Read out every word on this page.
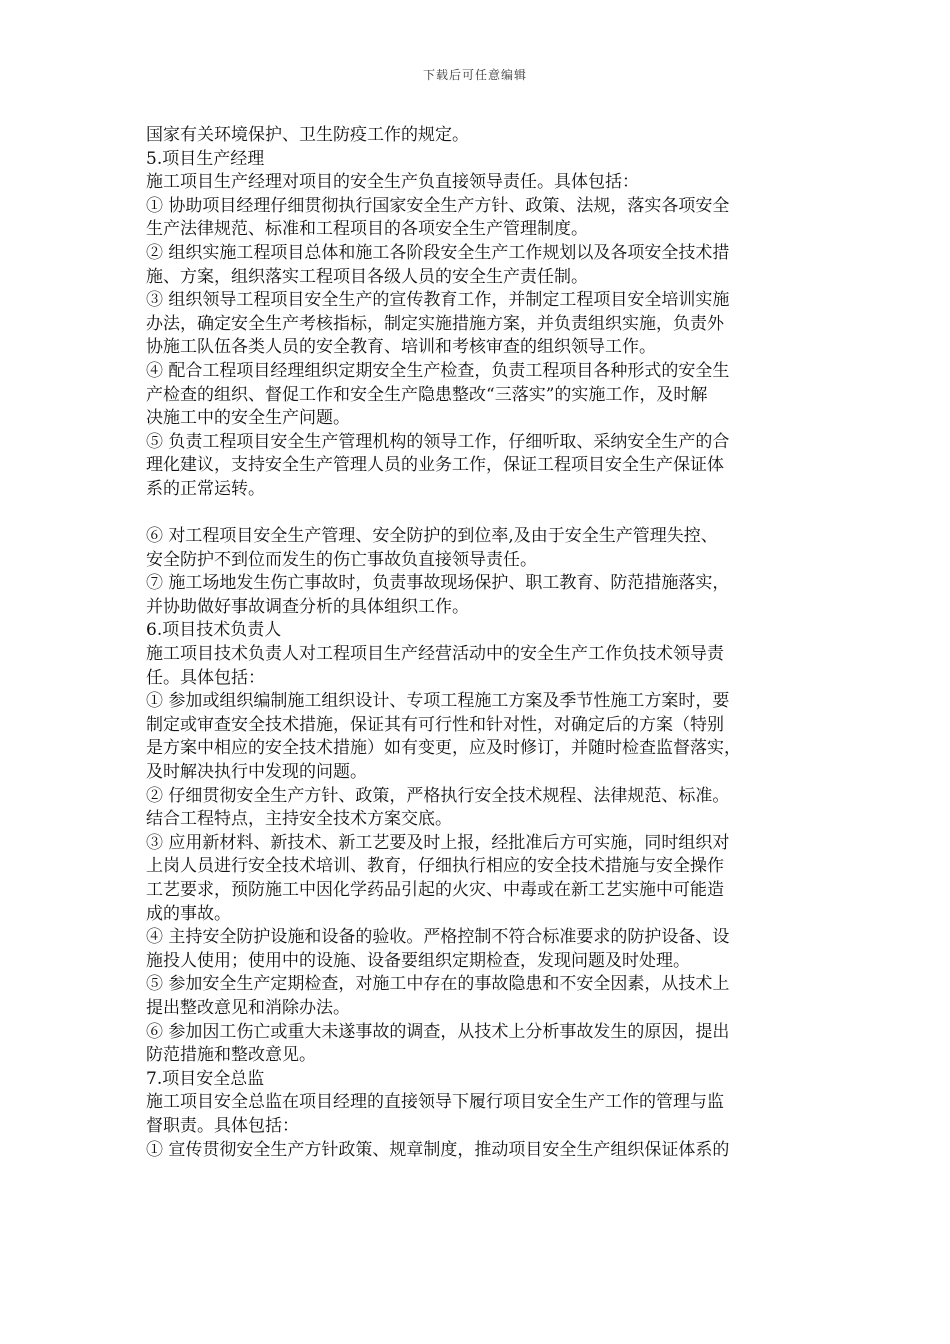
下载后可任意编辑
国家有关环境保护、卫生防疫工作的规定。
5.项目生产经理
施工项目生产经理对项目的安全生产负直接领导责任。具体包括：
① 协助项目经理仔细贯彻执行国家安全生产方针、政策、法规，落实各项安全
生产法律规范、标准和工程项目的各项安全生产管理制度。
② 组织实施工程项目总体和施工各阶段安全生产工作规划以及各项安全技术措
施、方案，组织落实工程项目各级人员的安全生产责任制。
③ 组织领导工程项目安全生产的宣传教育工作，并制定工程项目安全培训实施
办法，确定安全生产考核指标，制定实施措施方案，并负责组织实施，负责外
协施工队伍各类人员的安全教育、培训和考核审查的组织领导工作。
④ 配合工程项目经理组织定期安全生产检查，负责工程项目各种形式的安全生
产检查的组织、督促工作和安全生产隐患整改“三落实”的实施工作，及时解
决施工中的安全生产问题。
⑤ 负责工程项目安全生产管理机构的领导工作，仔细听取、采纳安全生产的合
理化建议，支持安全生产管理人员的业务工作，保证工程项目安全生产保证体
系的正常运转。
⑥ 对工程项目安全生产管理、安全防护的到位率,及由于安全生产管理失控、
安全防护不到位而发生的伤亡事故负直接领导责任。
⑦ 施工场地发生伤亡事故时，负责事故现场保护、职工教育、防范措施落实，
并协助做好事故调查分析的具体组织工作。
6.项目技术负责人
施工项目技术负责人对工程项目生产经营活动中的安全生产工作负技术领导责
任。具体包括：
① 参加或组织编制施工组织设计、专项工程施工方案及季节性施工方案时，要
制定或审查安全技术措施，保证其有可行性和针对性，对确定后的方案（特别
是方案中相应的安全技术措施）如有变更，应及时修订，并随时检查监督落实，
及时解决执行中发现的问题。
② 仔细贯彻安全生产方针、政策，严格执行安全技术规程、法律规范、标准。
结合工程特点，主持安全技术方案交底。
③ 应用新材料、新技术、新工艺要及时上报，经批准后方可实施，同时组织对
上岗人员进行安全技术培训、教育，仔细执行相应的安全技术措施与安全操作
工艺要求，预防施工中因化学药品引起的火灾、中毒或在新工艺实施中可能造
成的事故。
④ 主持安全防护设施和设备的验收。严格控制不符合标准要求的防护设备、设
施投人使用；使用中的设施、设备要组织定期检查，发现问题及时处理。
⑤ 参加安全生产定期检查，对施工中存在的事故隐患和不安全因素，从技术上
提出整改意见和消除办法。
⑥ 参加因工伤亡或重大未遂事故的调查，从技术上分析事故发生的原因，提出
防范措施和整改意见。
7.项目安全总监
施工项目安全总监在项目经理的直接领导下履行项目安全生产工作的管理与监
督职责。具体包括：
① 宣传贯彻安全生产方针政策、规章制度，推动项目安全生产组织保证体系的
